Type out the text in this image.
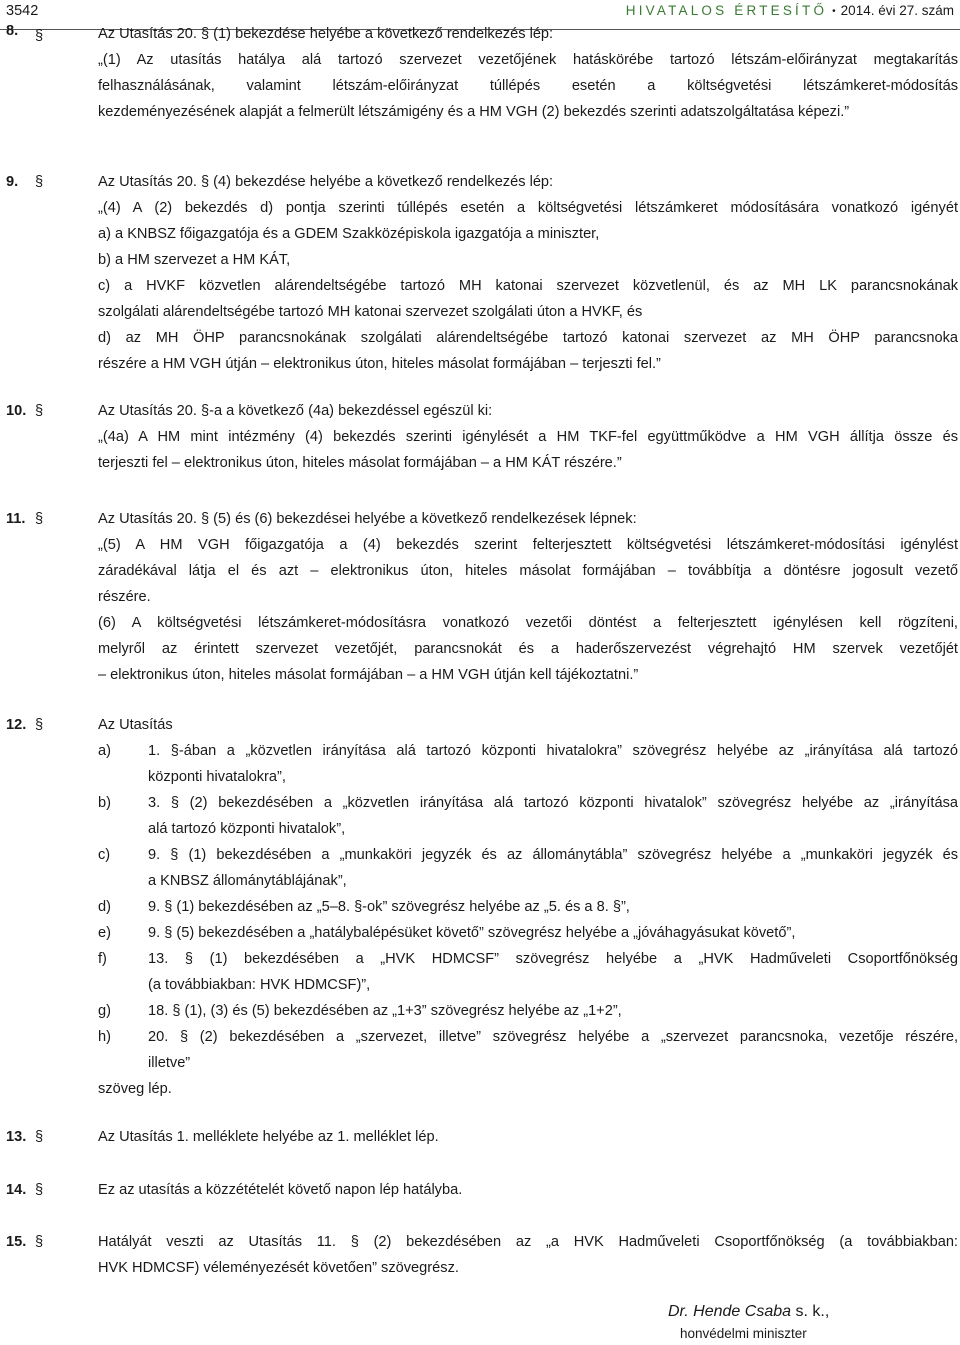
3542	HIVATALOS ÉRTESÍTŐ • 2014. évi 27. szám
8. §	Az Utasítás 20. § (1) bekezdése helyébe a következő rendelkezés lép:
„(1) Az utasítás hatálya alá tartozó szervezet vezetőjének hatáskörébe tartozó létszám-előirányzat megtakarítás
felhasználásának, valamint létszám-előirányzat túllépés esetén a költségvetési létszámkeret-módosítás
kezdeményezésének alapját a felmerült létszámigény és a HM VGH (2) bekezdés szerinti adatszolgáltatása képezi.”
9. §	Az Utasítás 20. § (4) bekezdése helyébe a következő rendelkezés lép:
„(4) A (2) bekezdés d) pontja szerinti túllépés esetén a költségvetési létszámkeret módosítására vonatkozó igényét
a) a KNBSZ főigazgatója és a GDEM Szakközépiskola igazgatója a miniszter,
b) a HM szervezet a HM KÁT,
c) a HVKF közvetlen alárendeltségébe tartozó MH katonai szervezet közvetlenül, és az MH LK parancsnokának
szolgálati alárendeltségébe tartozó MH katonai szervezet szolgálati úton a HVKF, és
d) az MH ÖHP parancsnokának szolgálati alárendeltségébe tartozó katonai szervezet az MH ÖHP parancsnoka
részére a HM VGH útján – elektronikus úton, hiteles másolat formájában – terjeszti fel.”
10. §	Az Utasítás 20. §-a a következő (4a) bekezdéssel egészül ki:
„(4a) A HM mint intézmény (4) bekezdés szerinti igénylését a HM TKF-fel együttműködve a HM VGH állítja össze és
terjeszti fel – elektronikus úton, hiteles másolat formájában – a HM KÁT részére.”
11. §	Az Utasítás 20. § (5) és (6) bekezdései helyébe a következő rendelkezések lépnek:
„(5) A HM VGH főigazgatója a (4) bekezdés szerint felterjesztett költségvetési létszámkeret-módosítási igénylést
záradékával látja el és azt – elektronikus úton, hiteles másolat formájában – továbbítja a döntésre jogosult vezető
részére.
(6) A költségvetési létszámkeret-módosításra vonatkozó vezetői döntést a felterjesztett igénylésen kell rögzíteni,
melyről az érintett szervezet vezetőjét, parancsnokát és a haderőszervezést végrehajtó HM szervek vezetőjét
– elektronikus úton, hiteles másolat formájában – a HM VGH útján kell tájékoztatni.”
12. §	Az Utasítás
a)	1. §-ában a „közvetlen irányítása alá tartozó központi hivatalokra” szövegrész helyébe az „irányítása alá tartozó
központi hivatalokra”,
b)	3. § (2) bekezdésében a „közvetlen irányítása alá tartozó központi hivatalok” szövegrész helyébe az „irányítása
alá tartozó központi hivatalok”,
c)	9. § (1) bekezdésében a „munkaköri jegyzék és az állománytábla” szövegrész helyébe a „munkaköri jegyzék és
a KNBSZ állománytáblájának”,
d)	9. § (1) bekezdésében az „5–8. §-ok” szövegrész helyébe az „5. és a 8. §”,
e)	9. § (5) bekezdésében a „hatálybalépésüket követő” szövegrész helyébe a „jóváhagyásukat követő”,
f)	13. § (1) bekezdésében a „HVK HDMCSF” szövegrész helyébe a „HVK Hadműveleti Csoportfőnökség
(a továbbiakban: HVK HDMCSF)”,
g)	18. § (1), (3) és (5) bekezdésében az „1+3” szövegrész helyébe az „1+2”,
h)	20. § (2) bekezdésében a „szervezet, illetve” szövegrész helyébe a „szervezet parancsnoka, vezetője részére,
illetve”
szöveg lép.
13. §	Az Utasítás 1. melléklete helyébe az 1. melléklet lép.
14. §	Ez az utasítás a közzétételét követő napon lép hatályba.
15. §	Hatályát veszti az Utasítás 11. § (2) bekezdésében az „a HVK Hadműveleti Csoportfőnökség (a továbbiakban:
HVK HDMCSF) véleményezését követően” szövegrész.
Dr. Hende Csaba s. k.,
honvédelmi miniszter
